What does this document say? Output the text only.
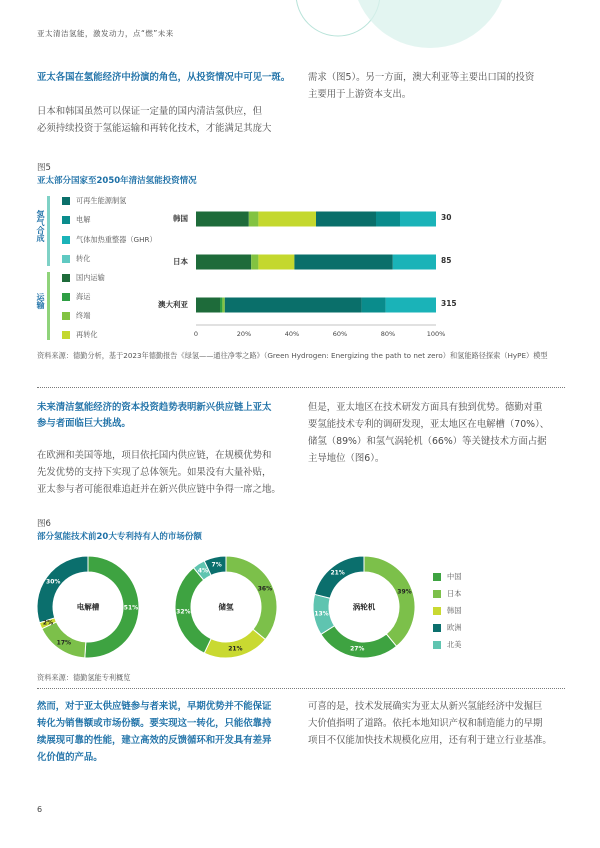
亚太清洁氢能，激发动力，点“燃”未来
亚太各国在氢能经济中扮演的角色，从投资情况中可见一斑。
日本和韩国虽然可以保证一定量的国内清洁氢供应，但
必须持续投资于氢能运输和再转化技术，才能满足其庞大
需求（图5）。另一方面，澳大利亚等主要出口国的投资
主要用于上游资本支出。
图5
亚太部分国家至2050年清洁氢能投资情况
氢气合成
运输
可再生能源制氢
电解
气体加热重整器（GHR）
转化
国内运输
海运
终端
再转化
韩国	30
日本	85
澳大利亚	315
0	20%	40%	60%	80%	100%
资料来源：德勤分析，基于2023年德勤报告《绿氢——通往净零之路》（Green Hydrogen: Energizing the path to net zero）和氢能路径探索（HyPE）模型
未来清洁氢能经济的资本投资趋势表明新兴供应链上亚太
参与者面临巨大挑战。
在欧洲和美国等地，项目依托国内供应链，在规模优势和
先发优势的支持下实现了总体领先。如果没有大量补贴，
亚太参与者可能很难追赶并在新兴供应链中争得一席之地。
但是，亚太地区在技术研发方面具有独到优势。德勤对重
要氢能技术专利的调研发现，亚太地区在电解槽（70%）、
储氢（89%）和氢气涡轮机（66%）等关键技术方面占据
主导地位（图6）。
图6
部分氢能技术前20大专利持有人的市场份额
51%
17%
2%
30%
电解槽
36%
21%
32%
4%
7%
储氢
39%
27%
13%
21%
涡轮机
中国
日本
韩国
欧洲
北美
资料来源：德勤氢能专利概览
然而，对于亚太供应链参与者来说，早期优势并不能保证
转化为销售额或市场份额。要实现这一转化，只能依靠持
续展现可靠的性能，建立高效的反馈循环和开发具有差异
化价值的产品。
可喜的是，技术发展确实为亚太从新兴氢能经济中发掘巨
大价值指明了道路。依托本地知识产权和制造能力的早期
项目不仅能加快技术规模化应用，还有利于建立行业基准。
6
